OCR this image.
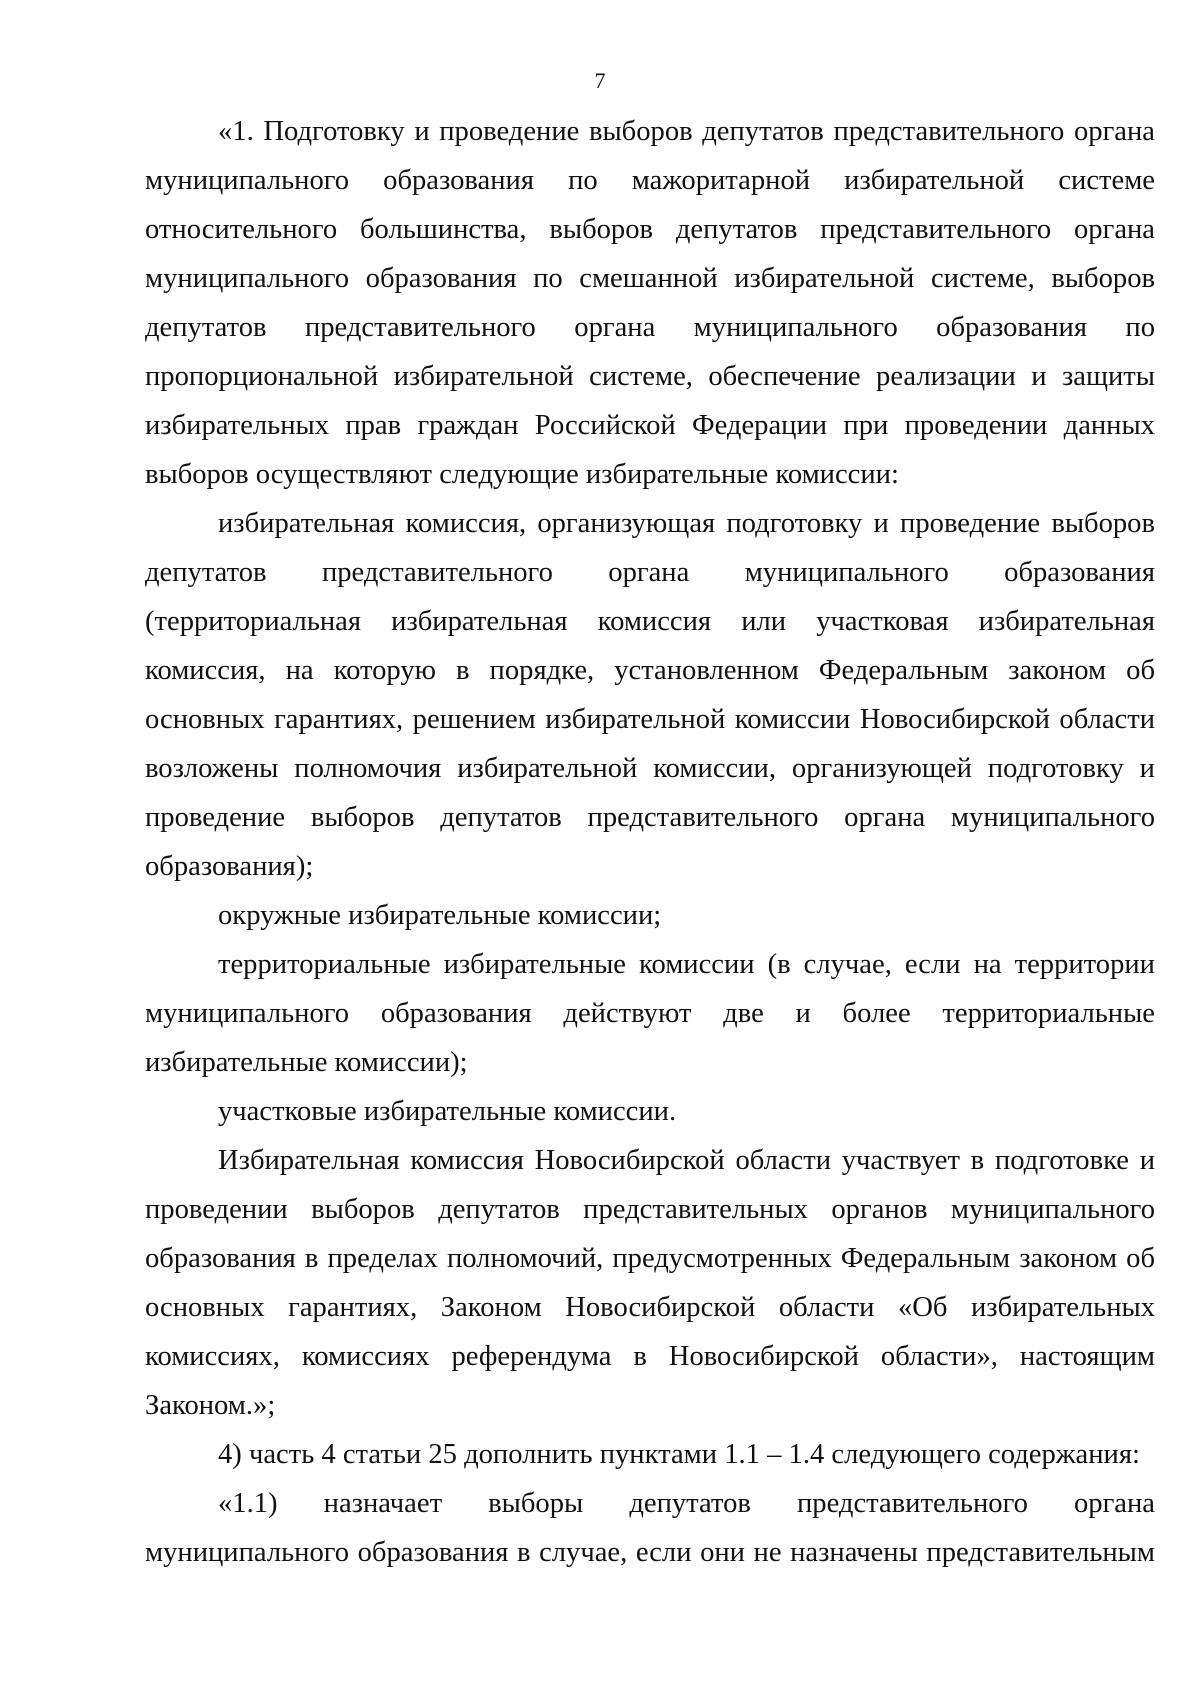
7

«1. Подготовку и проведение выборов депутатов представительного органа муниципального образования по мажоритарной избирательной системе относительного большинства, выборов депутатов представительного органа муниципального образования по смешанной избирательной системе, выборов депутатов представительного органа муниципального образования по пропорциональной избирательной системе, обеспечение реализации и защиты избирательных прав граждан Российской Федерации при проведении данных выборов осуществляют следующие избирательные комиссии:

избирательная комиссия, организующая подготовку и проведение выборов депутатов представительного органа муниципального образования (территориальная избирательная комиссия или участковая избирательная комиссия, на которую в порядке, установленном Федеральным законом об основных гарантиях, решением избирательной комиссии Новосибирской области возложены полномочия избирательной комиссии, организующей подготовку и проведение выборов депутатов представительного органа муниципального образования);

окружные избирательные комиссии;

территориальные избирательные комиссии (в случае, если на территории муниципального образования действуют две и более территориальные избирательные комиссии);

участковые избирательные комиссии.

Избирательная комиссия Новосибирской области участвует в подготовке и проведении выборов депутатов представительных органов муниципального образования в пределах полномочий, предусмотренных Федеральным законом об основных гарантиях, Законом Новосибирской области «Об избирательных комиссиях, комиссиях референдума в Новосибирской области», настоящим Законом.»;

4) часть 4 статьи 25 дополнить пунктами 1.1 – 1.4 следующего содержания:

«1.1) назначает выборы депутатов представительного органа муниципального образования в случае, если они не назначены представительным
